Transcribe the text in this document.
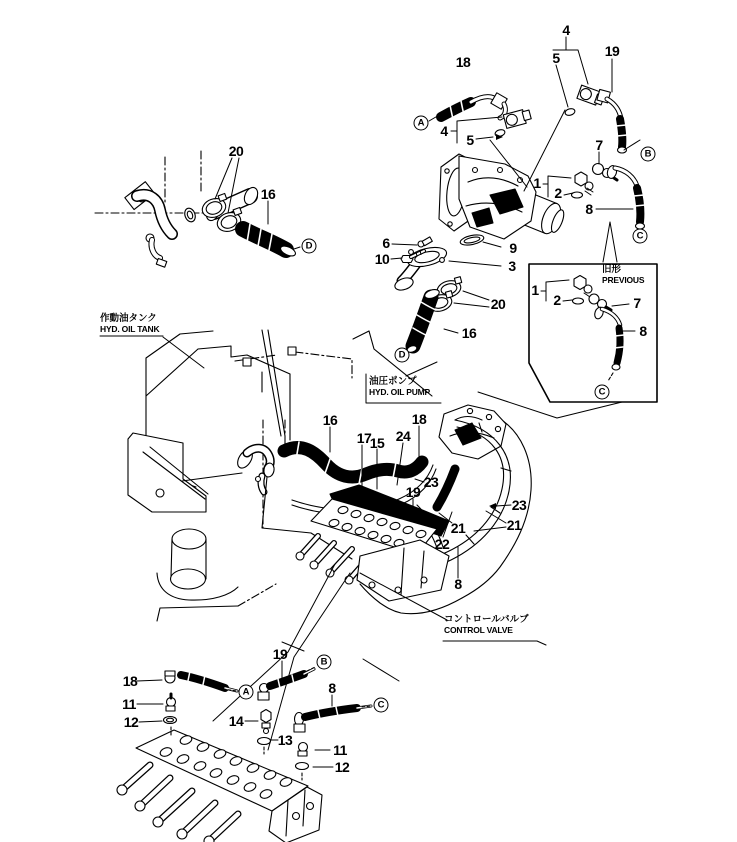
20
16
18
4
5
4
5	19
7
1
2
8
9
3
6
10
20
16
1
2	7
8
16
17
15 24
18
23
19
21
22
23
21
8
18
11
12
19
14
13
8
11
12
D
A
B
C
D
C
A
B
C
作動油タンク
HYD. OIL TANK
油圧ポンプ
HYD. OIL PUMP
コントロールバルブ
CONTROL VALVE
旧形
PREVIOUS
